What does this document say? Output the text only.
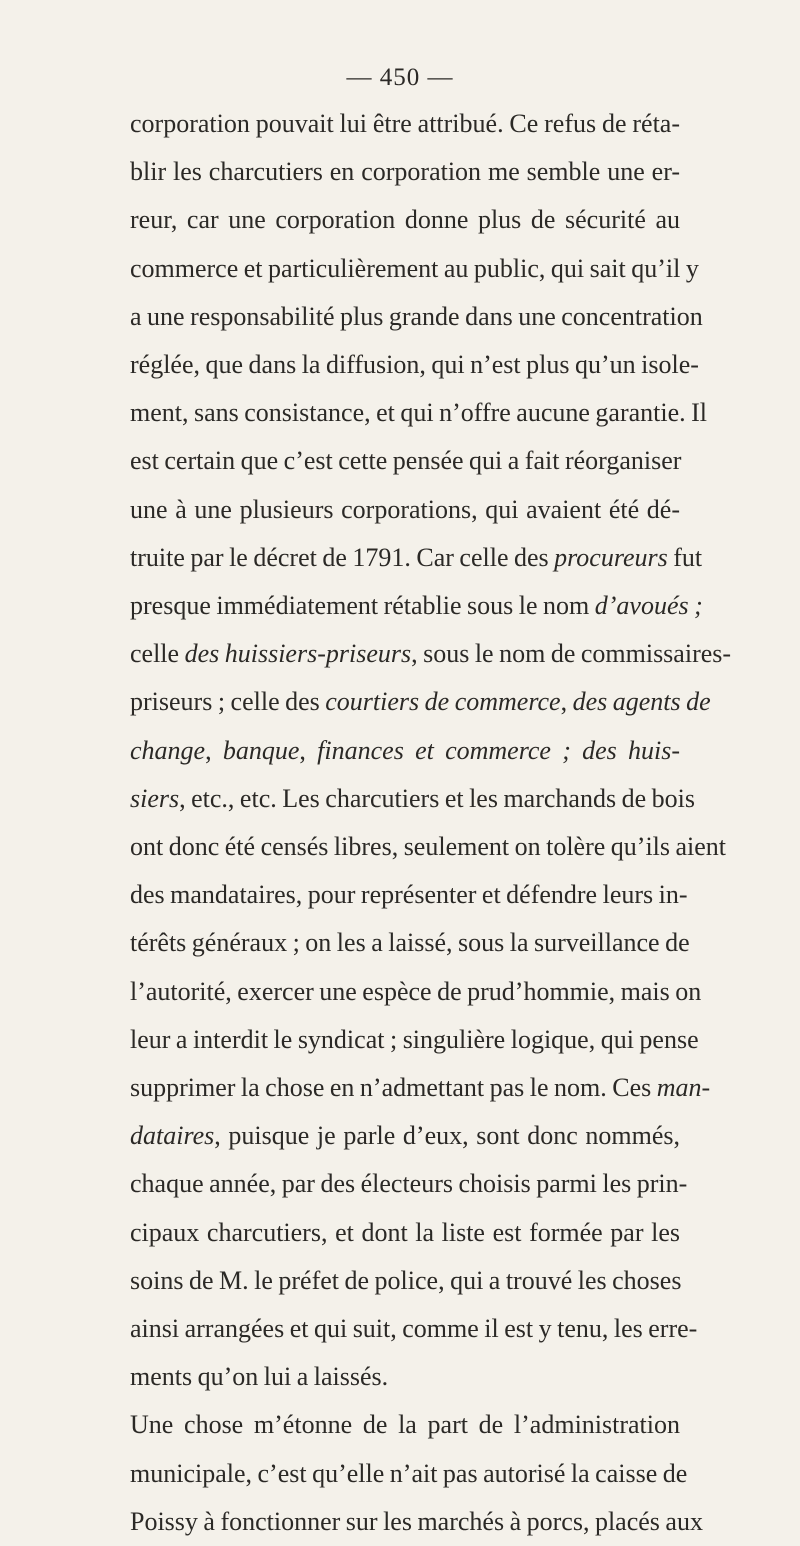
— 450 —
corporation pouvait lui être attribué. Ce refus de réta-
blir les charcutiers en corporation me semble une er-
reur, car une corporation donne plus de sécurité au
commerce et particulièrement au public, qui sait qu’il y
a une responsabilité plus grande dans une concentration
réglée, que dans la diffusion, qui n’est plus qu’un isole-
ment, sans consistance, et qui n’offre aucune garantie. Il
est certain que c’est cette pensée qui a fait réorganiser
une à une plusieurs corporations, qui avaient été dé-
truite par le décret de 1791. Car celle des procureurs fut
presque immédiatement rétablie sous le nom d’avoués ;
celle des huissiers-priseurs, sous le nom de commissaires-
priseurs ; celle des courtiers de commerce, des agents de
change, banque, finances et commerce ; des huis-
siers, etc., etc. Les charcutiers et les marchands de bois
ont donc été censés libres, seulement on tolère qu’ils aient
des mandataires, pour représenter et défendre leurs in-
térêts généraux ; on les a laissé, sous la surveillance de
l’autorité, exercer une espèce de prud’hommie, mais on
leur a interdit le syndicat ; singulière logique, qui pense
supprimer la chose en n’admettant pas le nom. Ces man-
dataires, puisque je parle d’eux, sont donc nommés,
chaque année, par des électeurs choisis parmi les prin-
cipaux charcutiers, et dont la liste est formée par les
soins de M. le préfet de police, qui a trouvé les choses
ainsi arrangées et qui suit, comme il est y tenu, les erre-
ments qu’on lui a laissés.
Une chose m’étonne de la part de l’administration
municipale, c’est qu’elle n’ait pas autorisé la caisse de
Poissy à fonctionner sur les marchés à porcs, placés aux
